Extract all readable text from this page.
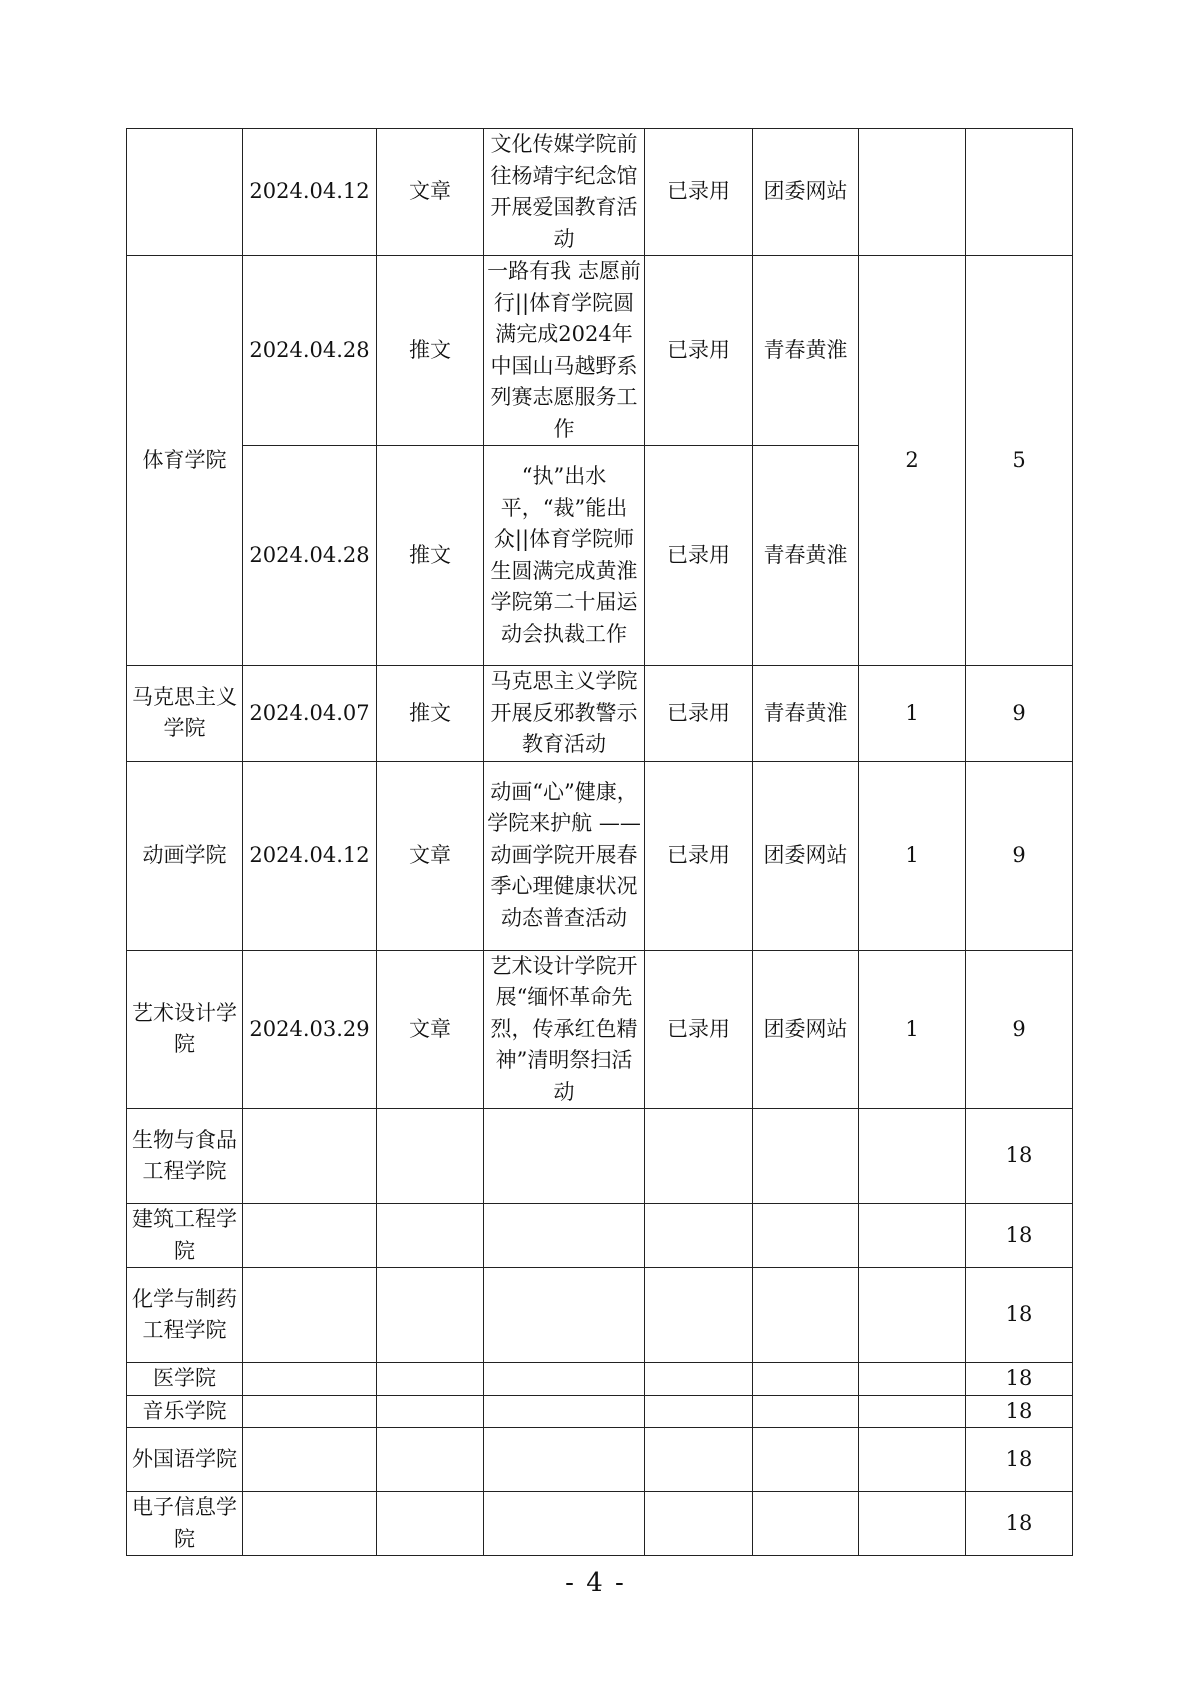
	2024.04.12	文章	文化传媒学院前往杨靖宇纪念馆开展爱国教育活动	已录用	团委网站		
体育学院	2024.04.28	推文	一路有我 志愿前行||体育学院圆满完成2024年中国山马越野系列赛志愿服务工作	已录用	青春黄淮	2	5
	2024.04.28	推文	“执”出水平，“裁”能出众||体育学院师生圆满完成黄淮学院第二十届运动会执裁工作	已录用	青春黄淮		
马克思主义学院	2024.04.07	推文	马克思主义学院开展反邪教警示教育活动	已录用	青春黄淮	1	9
动画学院	2024.04.12	文章	动画“心”健康，学院来护航 ——动画学院开展春季心理健康状况动态普查活动	已录用	团委网站	1	9
艺术设计学院	2024.03.29	文章	艺术设计学院开展“缅怀革命先烈，传承红色精神”清明祭扫活动	已录用	团委网站	1	9
生物与食品工程学院							18
建筑工程学院							18
化学与制药工程学院							18
医学院							18
音乐学院							18
外国语学院							18
电子信息学院							18
- 4 -
